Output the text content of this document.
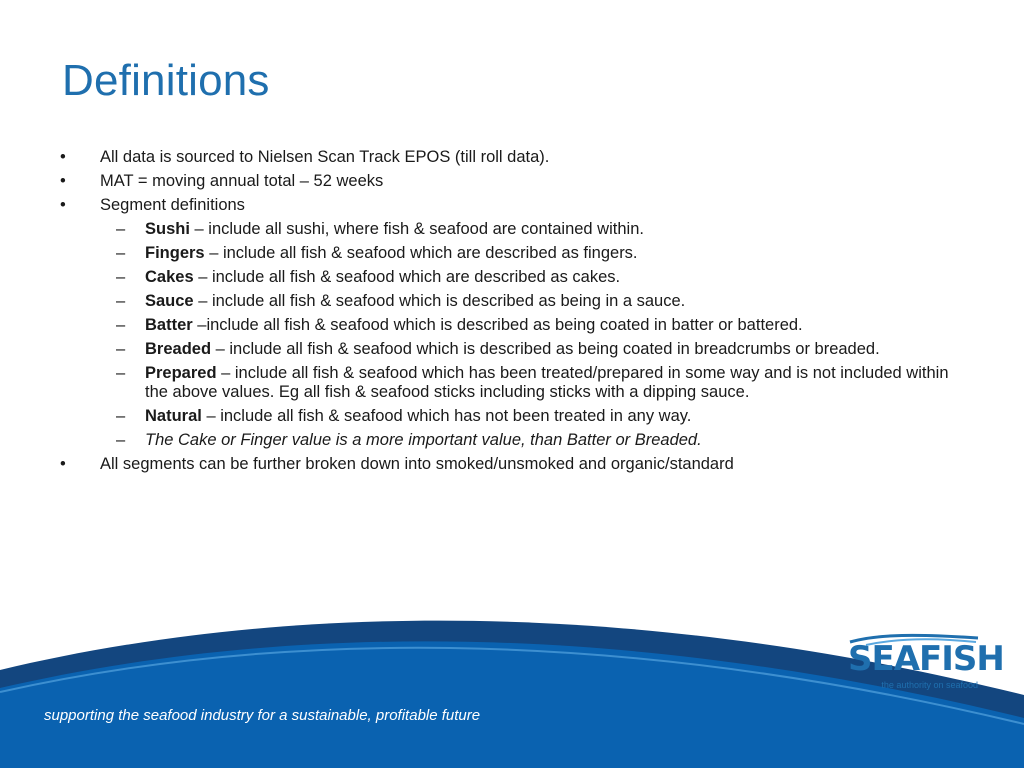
Definitions
•	All data is sourced to Nielsen Scan Track EPOS (till roll data).
•	MAT = moving annual total – 52 weeks
•	Segment definitions
–	Sushi – include all sushi, where fish & seafood are contained within.
–	Fingers – include all fish & seafood which are described as fingers.
–	Cakes – include all fish & seafood which are described as cakes.
–	Sauce – include all fish & seafood which is described as being in a sauce.
–	Batter –include all fish & seafood which is described as being coated in batter or battered.
–	Breaded – include all fish & seafood which is described as being coated in breadcrumbs or breaded.
–	Prepared – include all fish & seafood which has been treated/prepared in some way and is not included within the above values. Eg all fish & seafood sticks including sticks with a dipping sauce.
–	Natural – include all fish & seafood which has not been treated in any way.
–	The Cake or Finger value is a more important value, than Batter or Breaded.
•	All segments can be further broken down into smoked/unsmoked and organic/standard
supporting the seafood industry for a sustainable, profitable future
SEAFISH
the authority on seafood
